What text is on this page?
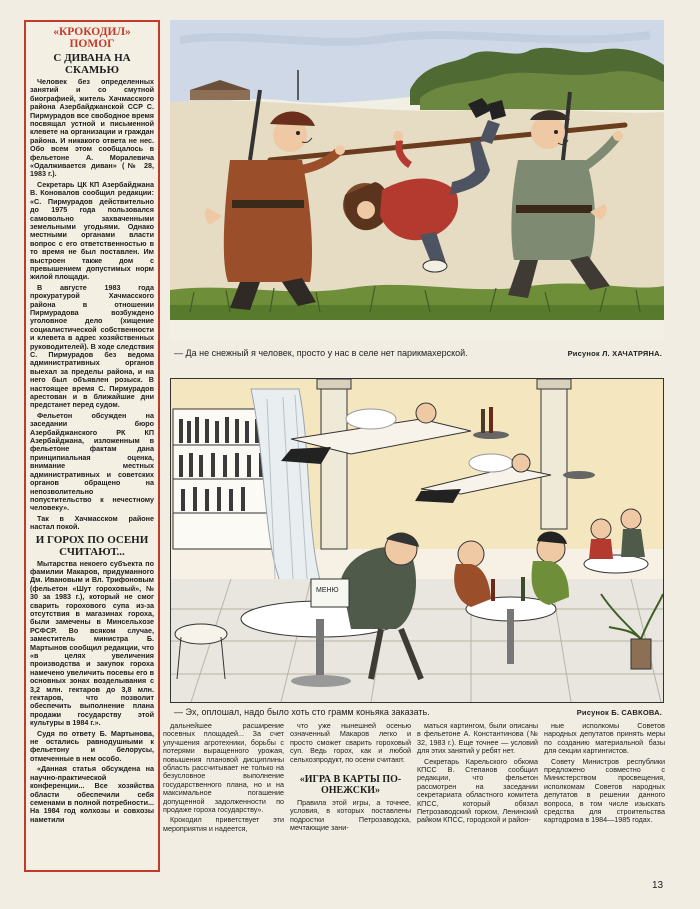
«КРОКОДИЛ» ПОМОГ
С ДИВАНА НА СКАМЬЮ

Человек без определенных занятий и со смутной биографией, житель Хачмасского района Азербайджанской ССР С. Пирмурадов все свободное время посвящал устной и письменной клевете на организации и граждан района. И никакого ответа не нес. Обо всем этом сообщалось в фельетоне А. Моралевича «Одалживается диван» (№ 28, 1983 г.).

Секретарь ЦК КП Азербайджана В. Коновалов сообщил редакции: «С. Пирмурадов действительно до 1975 года пользовался самовольно захваченными земельными угодьями. Однако местными органами власти вопрос с его ответственностью в то время не был поставлен. Им выстроен также дом с превышением допустимых норм жилой площади.

В августе 1983 года прокуратурой Хачмасского района в отношении Пирмурадова возбуждено уголовное дело (хищение социалистической собственности и клевета в адрес хозяйственных руководителей). В ходе следствия С. Пирмурадов без ведома административных органов выехал за пределы района, и на него был объявлен розыск. В настоящее время С. Пирмурадов арестован и в ближайшие дни предстанет перед судом.

Фельетон обсужден на заседании бюро Азербайджанского РК КП Азербайджана, изложенным в фельетоне фактам дана принципиальная оценка, внимание местных административных и советских органов обращено на непозволительно попустительство к нечестному человеку».

Так в Хачмасском районе настал покой.

И ГОРОХ ПО ОСЕНИ СЧИТАЮТ...

Мытарства некоего субъекта по фамилии Макаров, придуманного Дм. Ивановым и Вл. Трифоновым (фельетон «Шут гороховый», № 30 за 1983 г.), который не смог сварить горохового супа из-за отсутствия в магазинах гороха, были замечены в Минсельхозе РСФСР. Во всяком случае, заместитель министра Б. Мартынов сообщил редакции, что «в целях увеличения производства и закупок гороха намечено увеличить посевы его в основных зонах возделывания с 3,2 млн. гектаров до 3,8 млн. гектаров, что позволит обеспечить выполнение плана продажи государству этой культуры в 1984 г.».

Судя по ответу Б. Мартынова, не остались равнодушными к фельетону и белорусы, отмеченные в нем особо.

«Данная статья обсуждена на научно-практической конференции... Все хозяйства области обеспечили себя семенами в полной потребности... На 1984 год колхозы и совхозы наметили

— Да не снежный я человек, просто у нас в селе нет парикмахерской.	Рисунок Л. ХАЧАТРЯНА.
МЕНЮ
— Эх, оплошал, надо было хоть сто грамм коньяка заказать.	Рисунок Б. САВКОВА.

дальнейшее расширение посевных площадей... За счет улучшения агротехники, борьбы с потерями выращенного урожая, повышения плановой дисциплины область рассчитывает не только на безусловное выполнение государственного плана, но и на максимальное погашение допущенной задолженности по продаже гороха государству».

Крокодил приветствует эти мероприятия и надеется,

что уже нынешней осенью означенный Макаров легко и просто сможет сварить гороховый суп. Ведь горох, как и любой сельхозпродукт, по осени считают.

«ИГРА В КАРТЫ ПО-ОНЕЖСКИ»

Правила этой игры, а точнее, условия, в которых поставлены подростки Петрозаводска, мечтающие зани-

маться картингом, были описаны в фельетоне А. Константинова (№ 32, 1983 г.). Еще точнее — условий для этих занятий у ребят нет.

Секретарь Карельского обкома КПСС В. Степанов сообщил редакции, что фельетон рассмотрен на заседании секретариата областного комитета КПСС, который обязал Петрозаводский горком, Ленинский райком КПСС, городской и район-

ные исполкомы Советов народных депутатов принять меры по созданию материальной базы для секции картингистов.

Совету Министров республики предложено совместно с Министерством просвещения, исполкомам Советов народных депутатов в решении данного вопроса, в том числе изыскать средства для строительства картодрома в 1984—1985 годах.

13
